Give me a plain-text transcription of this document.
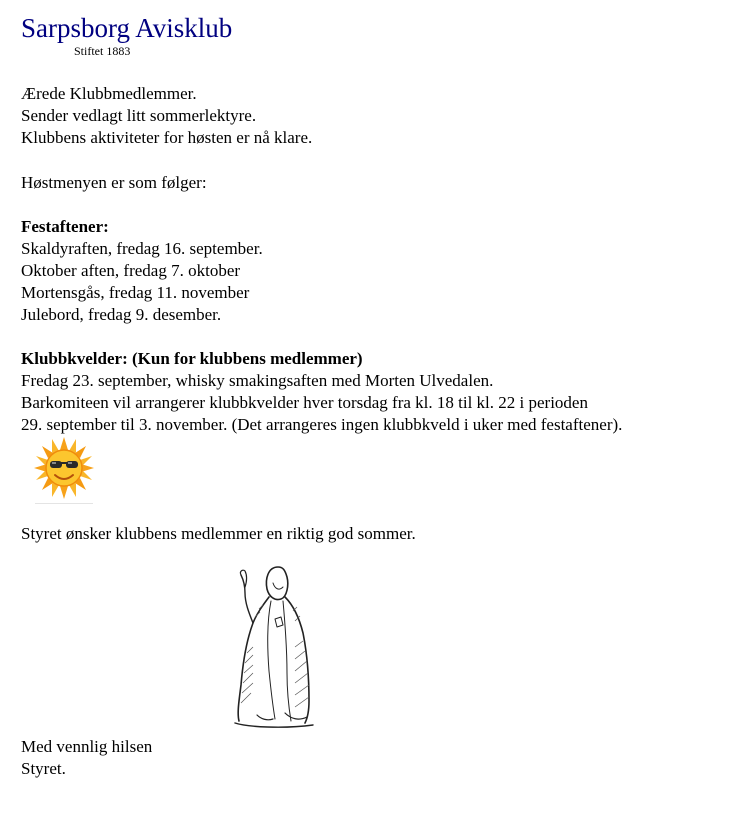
Sarpsborg Avisklub
Stiftet 1883
Ærede Klubbmedlemmer.
Sender vedlagt litt sommerlektyre.
Klubbens aktiviteter for høsten er nå klare.
Høstmenyen er som følger:
Festaftener:
Skaldyraften, fredag 16. september.
Oktober aften, fredag 7. oktober
Mortensgås, fredag 11. november
Julebord, fredag 9. desember.
Klubbkvelder: (Kun for klubbens medlemmer)
Fredag 23. september, whisky smakingsaften med Morten Ulvedalen.
Barkomiteen vil arrangerer klubbkvelder hver torsdag fra kl. 18 til kl. 22 i perioden
29. september til 3. november. (Det arrangeres ingen klubbkveld i uker med festaftener).
Styret ønsker klubbens medlemmer en riktig god sommer.
Med vennlig hilsen
Styret.
